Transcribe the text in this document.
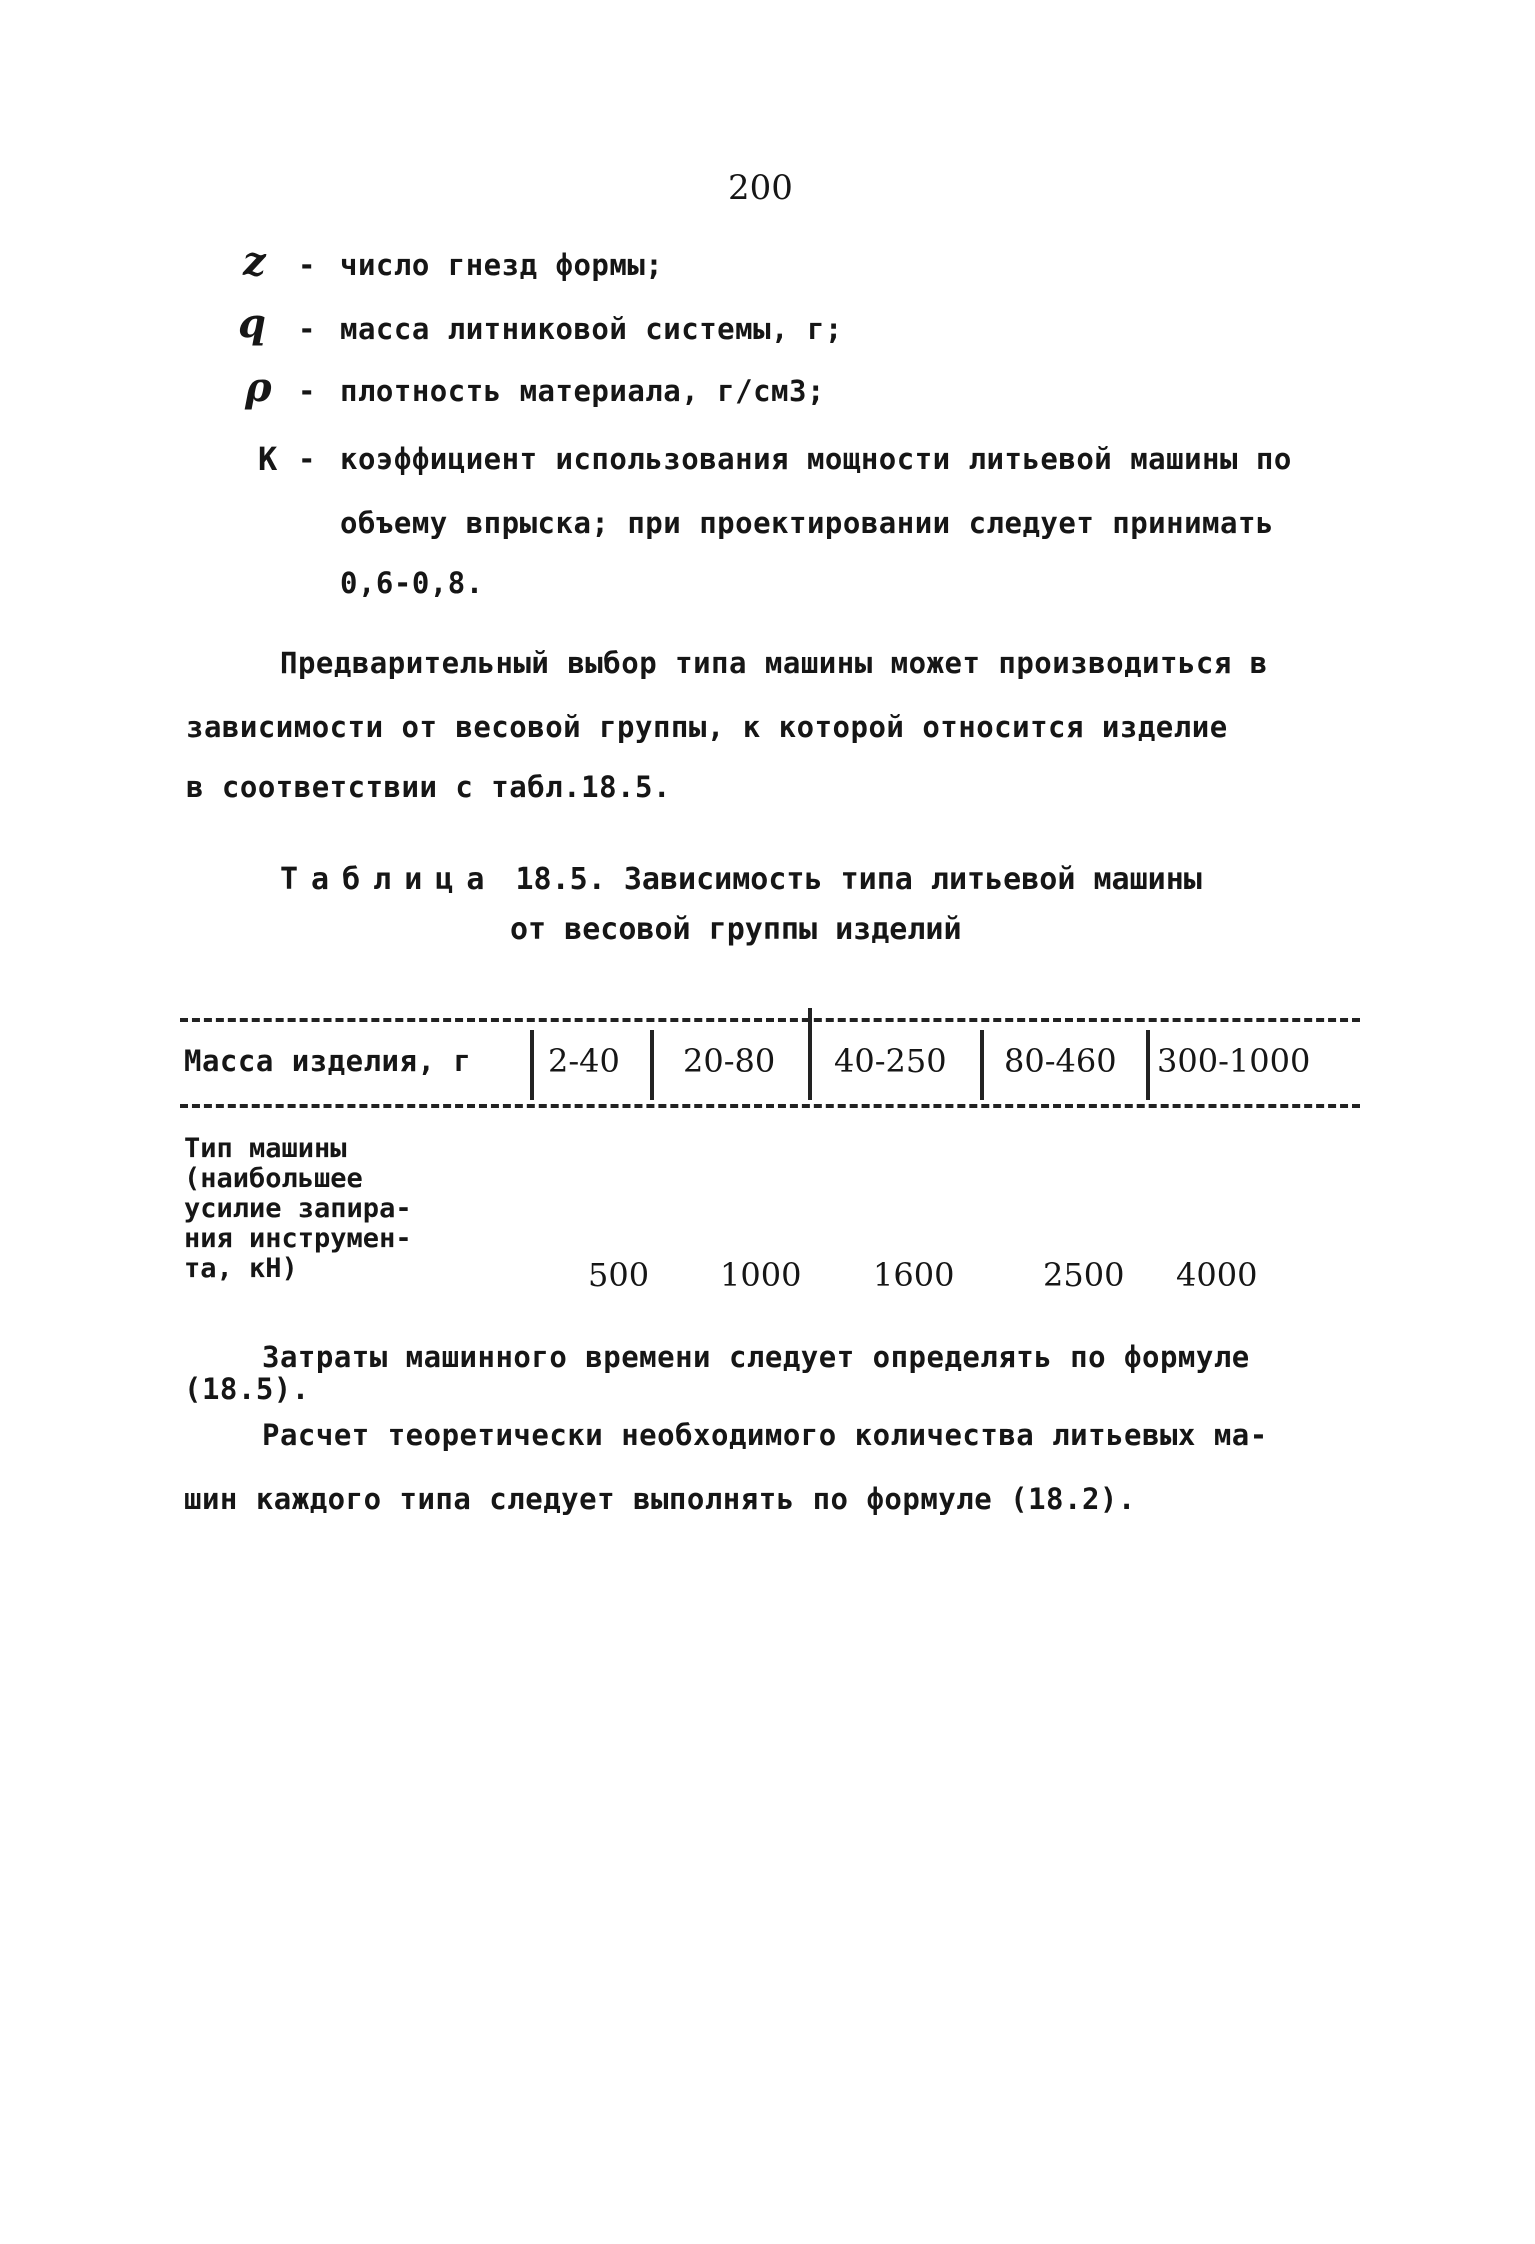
200
z - число гнезд формы;
q - масса литниковой системы, г;
ρ - плотность материала, г/см3;
К - коэффициент использования мощности литьевой машины по
объему впрыска; при проектировании следует принимать
0,6-0,8.
Предварительный выбор типа машины может производиться в
зависимости от весовой группы, к которой относится изделие
в соответствии с табл.18.5.
Таблица 18.5. Зависимость типа литьевой машины
от весовой группы изделий
Масса изделия, г 2-40 20-80 40-250 80-460 300-1000
Тип машины
(наибольшее
усилие запира-
ния инструмен-
та, кН)	500 1000 1600	2500 4000
Затраты машинного времени следует определять по формуле
(18.5).
Расчет теоретически необходимого количества литьевых ма-
шин каждого типа следует выполнять по формуле (18.2).
